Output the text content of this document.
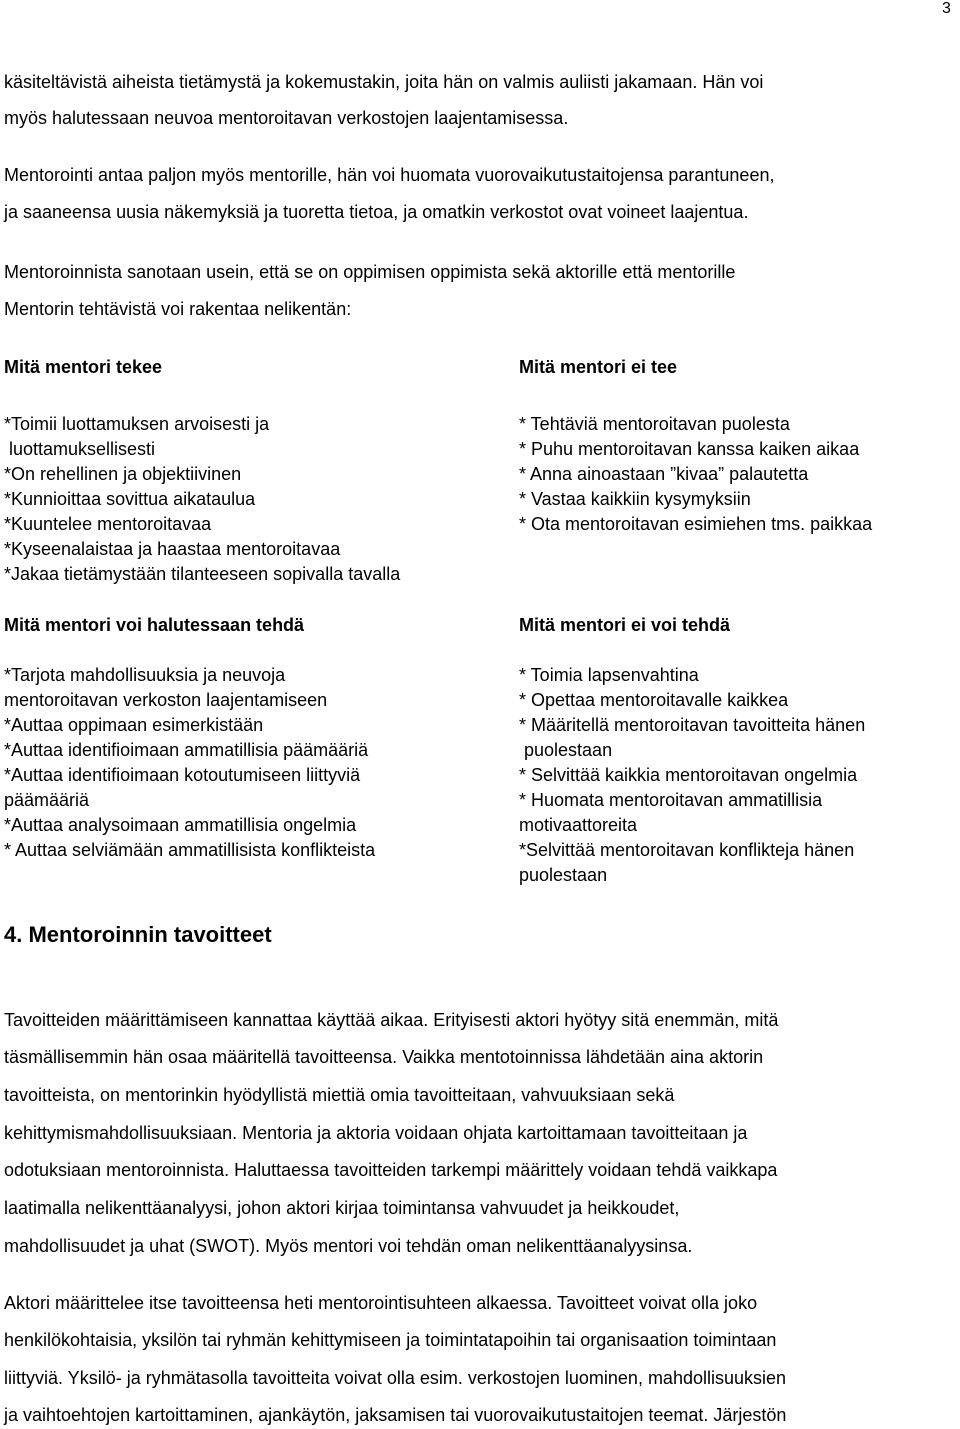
3
käsiteltävistä aiheista tietämystä ja kokemustakin, joita hän on valmis auliisti jakamaan. Hän voi
myös halutessaan neuvoa mentoroitavan verkostojen laajentamisessa.
Mentorointi antaa paljon myös mentorille, hän voi huomata vuorovaikutustaitojensa parantuneen,
ja saaneensa uusia näkemyksiä ja tuoretta tietoa, ja omatkin verkostot ovat voineet laajentua.
Mentoroinnista sanotaan usein, että se on oppimisen oppimista sekä aktorille että mentorille
Mentorin tehtävistä voi rakentaa nelikentän:
Mitä mentori tekee
*Toimii luottamuksen arvoisesti ja
luottamuksellisesti
*On rehellinen ja objektiivinen
*Kunnioittaa sovittua aikataulua
*Kuuntelee mentoroitavaa
*Kyseenalaistaa ja haastaa mentoroitavaa
*Jakaa tietämystään tilanteeseen sopivalla tavalla
Mitä mentori ei tee
* Tehtäviä mentoroitavan puolesta
* Puhu mentoroitavan kanssa kaiken aikaa
* Anna ainoastaan ”kivaa” palautetta
* Vastaa kaikkiin kysymyksiin
* Ota mentoroitavan esimiehen tms. paikkaa
Mitä mentori voi halutessaan tehdä
*Tarjota mahdollisuuksia ja neuvoja
mentoroitavan verkoston laajentamiseen
*Auttaa oppimaan esimerkistään
*Auttaa identifioimaan ammatillisia päämääriä
*Auttaa identifioimaan kotoutumiseen liittyviä
päämääriä
*Auttaa analysoimaan ammatillisia ongelmia
* Auttaa selviämään ammatillisista konflikteista
Mitä mentori ei voi tehdä
* Toimia lapsenvahtina
* Opettaa mentoroitavalle kaikkea
* Määritellä mentoroitavan tavoitteita hänen
puolestaan
* Selvittää kaikkia mentoroitavan ongelmia
* Huomata mentoroitavan ammatillisia
motivaattoreita
*Selvittää mentoroitavan konflikteja hänen
puolestaan
4. Mentoroinnin tavoitteet
Tavoitteiden määrittämiseen kannattaa käyttää aikaa. Erityisesti aktori hyötyy sitä enemmän, mitä
täsmällisemmin hän osaa määritellä tavoitteensa. Vaikka mentotoinnissa lähdetään aina aktorin
tavoitteista, on mentorinkin hyödyllistä miettiä omia tavoitteitaan, vahvuuksiaan sekä
kehittymismahdollisuuksiaan. Mentoria ja aktoria voidaan ohjata kartoittamaan tavoitteitaan ja
odotuksiaan mentoroinnista. Haluttaessa tavoitteiden tarkempi määrittely voidaan tehdä vaikkapa
laatimalla nelikenttäanalyysi, johon aktori kirjaa toimintansa vahvuudet ja heikkoudet,
mahdollisuudet ja uhat (SWOT). Myös mentori voi tehdän oman nelikenttäanalyysinsa.
Aktori määrittelee itse tavoitteensa heti mentorointisuhteen alkaessa. Tavoitteet voivat olla joko
henkilökohtaisia, yksilön tai ryhmän kehittymiseen ja toimintatapoihin tai organisaation toimintaan
liittyviä. Yksilö- ja ryhmätasolla tavoitteita voivat olla esim. verkostojen luominen, mahdollisuuksien
ja vaihtoehtojen kartoittaminen, ajankäytön, jaksamisen tai vuorovaikutustaitojen teemat. Järjestön
